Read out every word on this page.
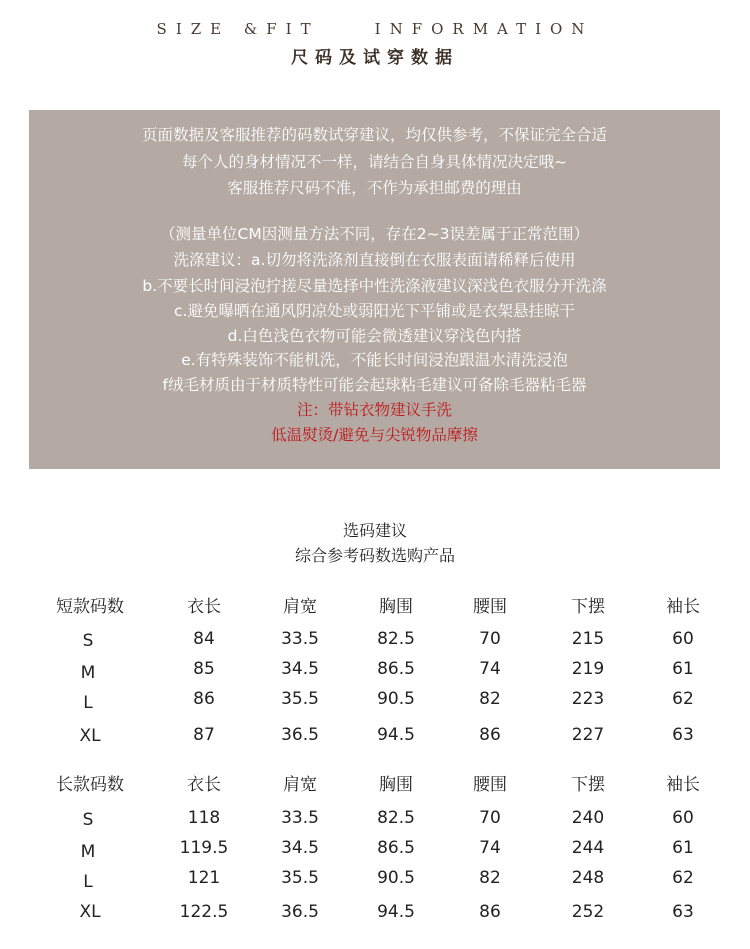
SIZE &FIT    INFORMATION
尺码及试穿数据
页面数据及客服推荐的码数试穿建议，均仅供参考，不保证完全合适
每个人的身材情况不一样，请结合自身具体情况决定哦~
客服推荐尺码不准，不作为承担邮费的理由
（测量单位CM因测量方法不同，存在2~3误差属于正常范围）
洗涤建议：a.切勿将洗涤剂直接倒在衣服表面请稀释后使用
b.不要长时间浸泡拧搓尽量选择中性洗涤液建议深浅色衣服分开洗涤
c.避免曝晒在通风阴凉处或弱阳光下平铺或是衣架悬挂晾干
d.白色浅色衣物可能会微透建议穿浅色内搭
e.有特殊装饰不能机洗，不能长时间浸泡跟温水清洗浸泡
f绒毛材质由于材质特性可能会起球粘毛建议可备除毛器粘毛器
注：带钻衣物建议手洗
低温熨烫/避免与尖锐物品摩擦
选码建议
综合参考码数选购产品
短款码数	衣长	肩宽	胸围	腰围	下摆	袖长
S	84	33.5	82.5	70	215	60
M	85	34.5	86.5	74	219	61
L	86	35.5	90.5	82	223	62
XL	87	36.5	94.5	86	227	63
长款码数	衣长	肩宽	胸围	腰围	下摆	袖长
S	118	33.5	82.5	70	240	60
M	119.5	34.5	86.5	74	244	61
L	121	35.5	90.5	82	248	62
XL	122.5	36.5	94.5	86	252	63
